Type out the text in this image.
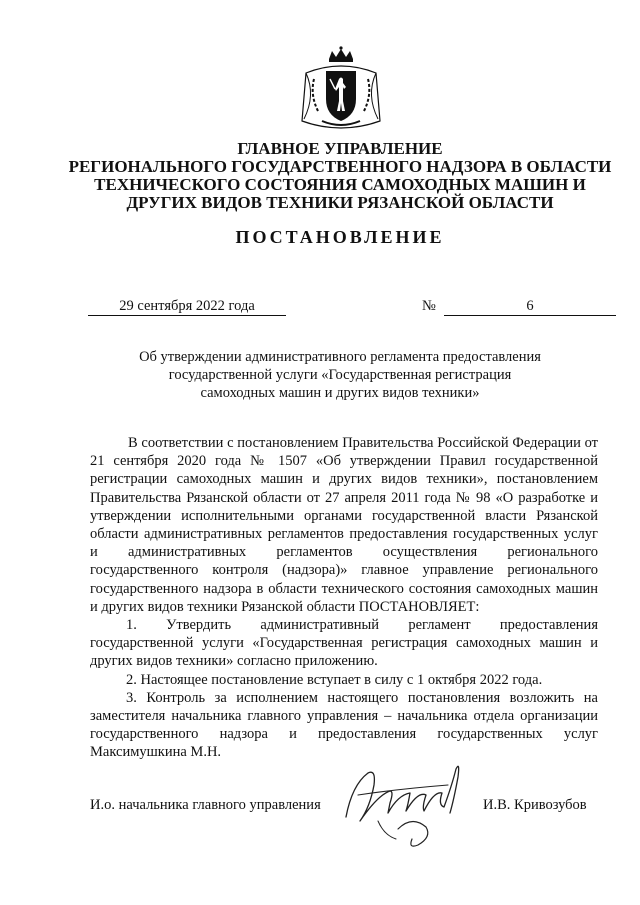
ГЛАВНОЕ УПРАВЛЕНИЕ
РЕГИОНАЛЬНОГО ГОСУДАРСТВЕННОГО НАДЗОРА В ОБЛАСТИ
ТЕХНИЧЕСКОГО СОСТОЯНИЯ САМОХОДНЫХ МАШИН И
ДРУГИХ ВИДОВ ТЕХНИКИ РЯЗАНСКОЙ ОБЛАСТИ
ПОСТАНОВЛЕНИЕ
29 сентября 2022 года	№	6
Об утверждении административного регламента предоставления
государственной услуги «Государственная регистрация
самоходных машин и других видов техники»

В соответствии с постановлением Правительства Российской Федерации от 21 сентября 2020 года № 1507 «Об утверждении Правил государственной регистрации самоходных машин и других видов техники», постановлением Правительства Рязанской области от 27 апреля 2011 года № 98 «О разработке и утверждении исполнительными органами государственной власти Рязанской области административных регламентов предоставления государственных услуг и административных регламентов осуществления регионального государственного контроля (надзора)» главное управление регионального государственного надзора в области технического состояния самоходных машин и других видов техники Рязанской области ПОСТАНОВЛЯЕТ:

1. Утвердить административный регламент предоставления государственной услуги «Государственная регистрация самоходных машин и других видов техники» согласно приложению.

2. Настоящее постановление вступает в силу с 1 октября 2022 года.

3. Контроль за исполнением настоящего постановления возложить на заместителя начальника главного управления – начальника отдела организации государственного надзора и предоставления государственных услуг Максимушкина М.Н.

И.о. начальника главного управления	И.В. Кривозубов
